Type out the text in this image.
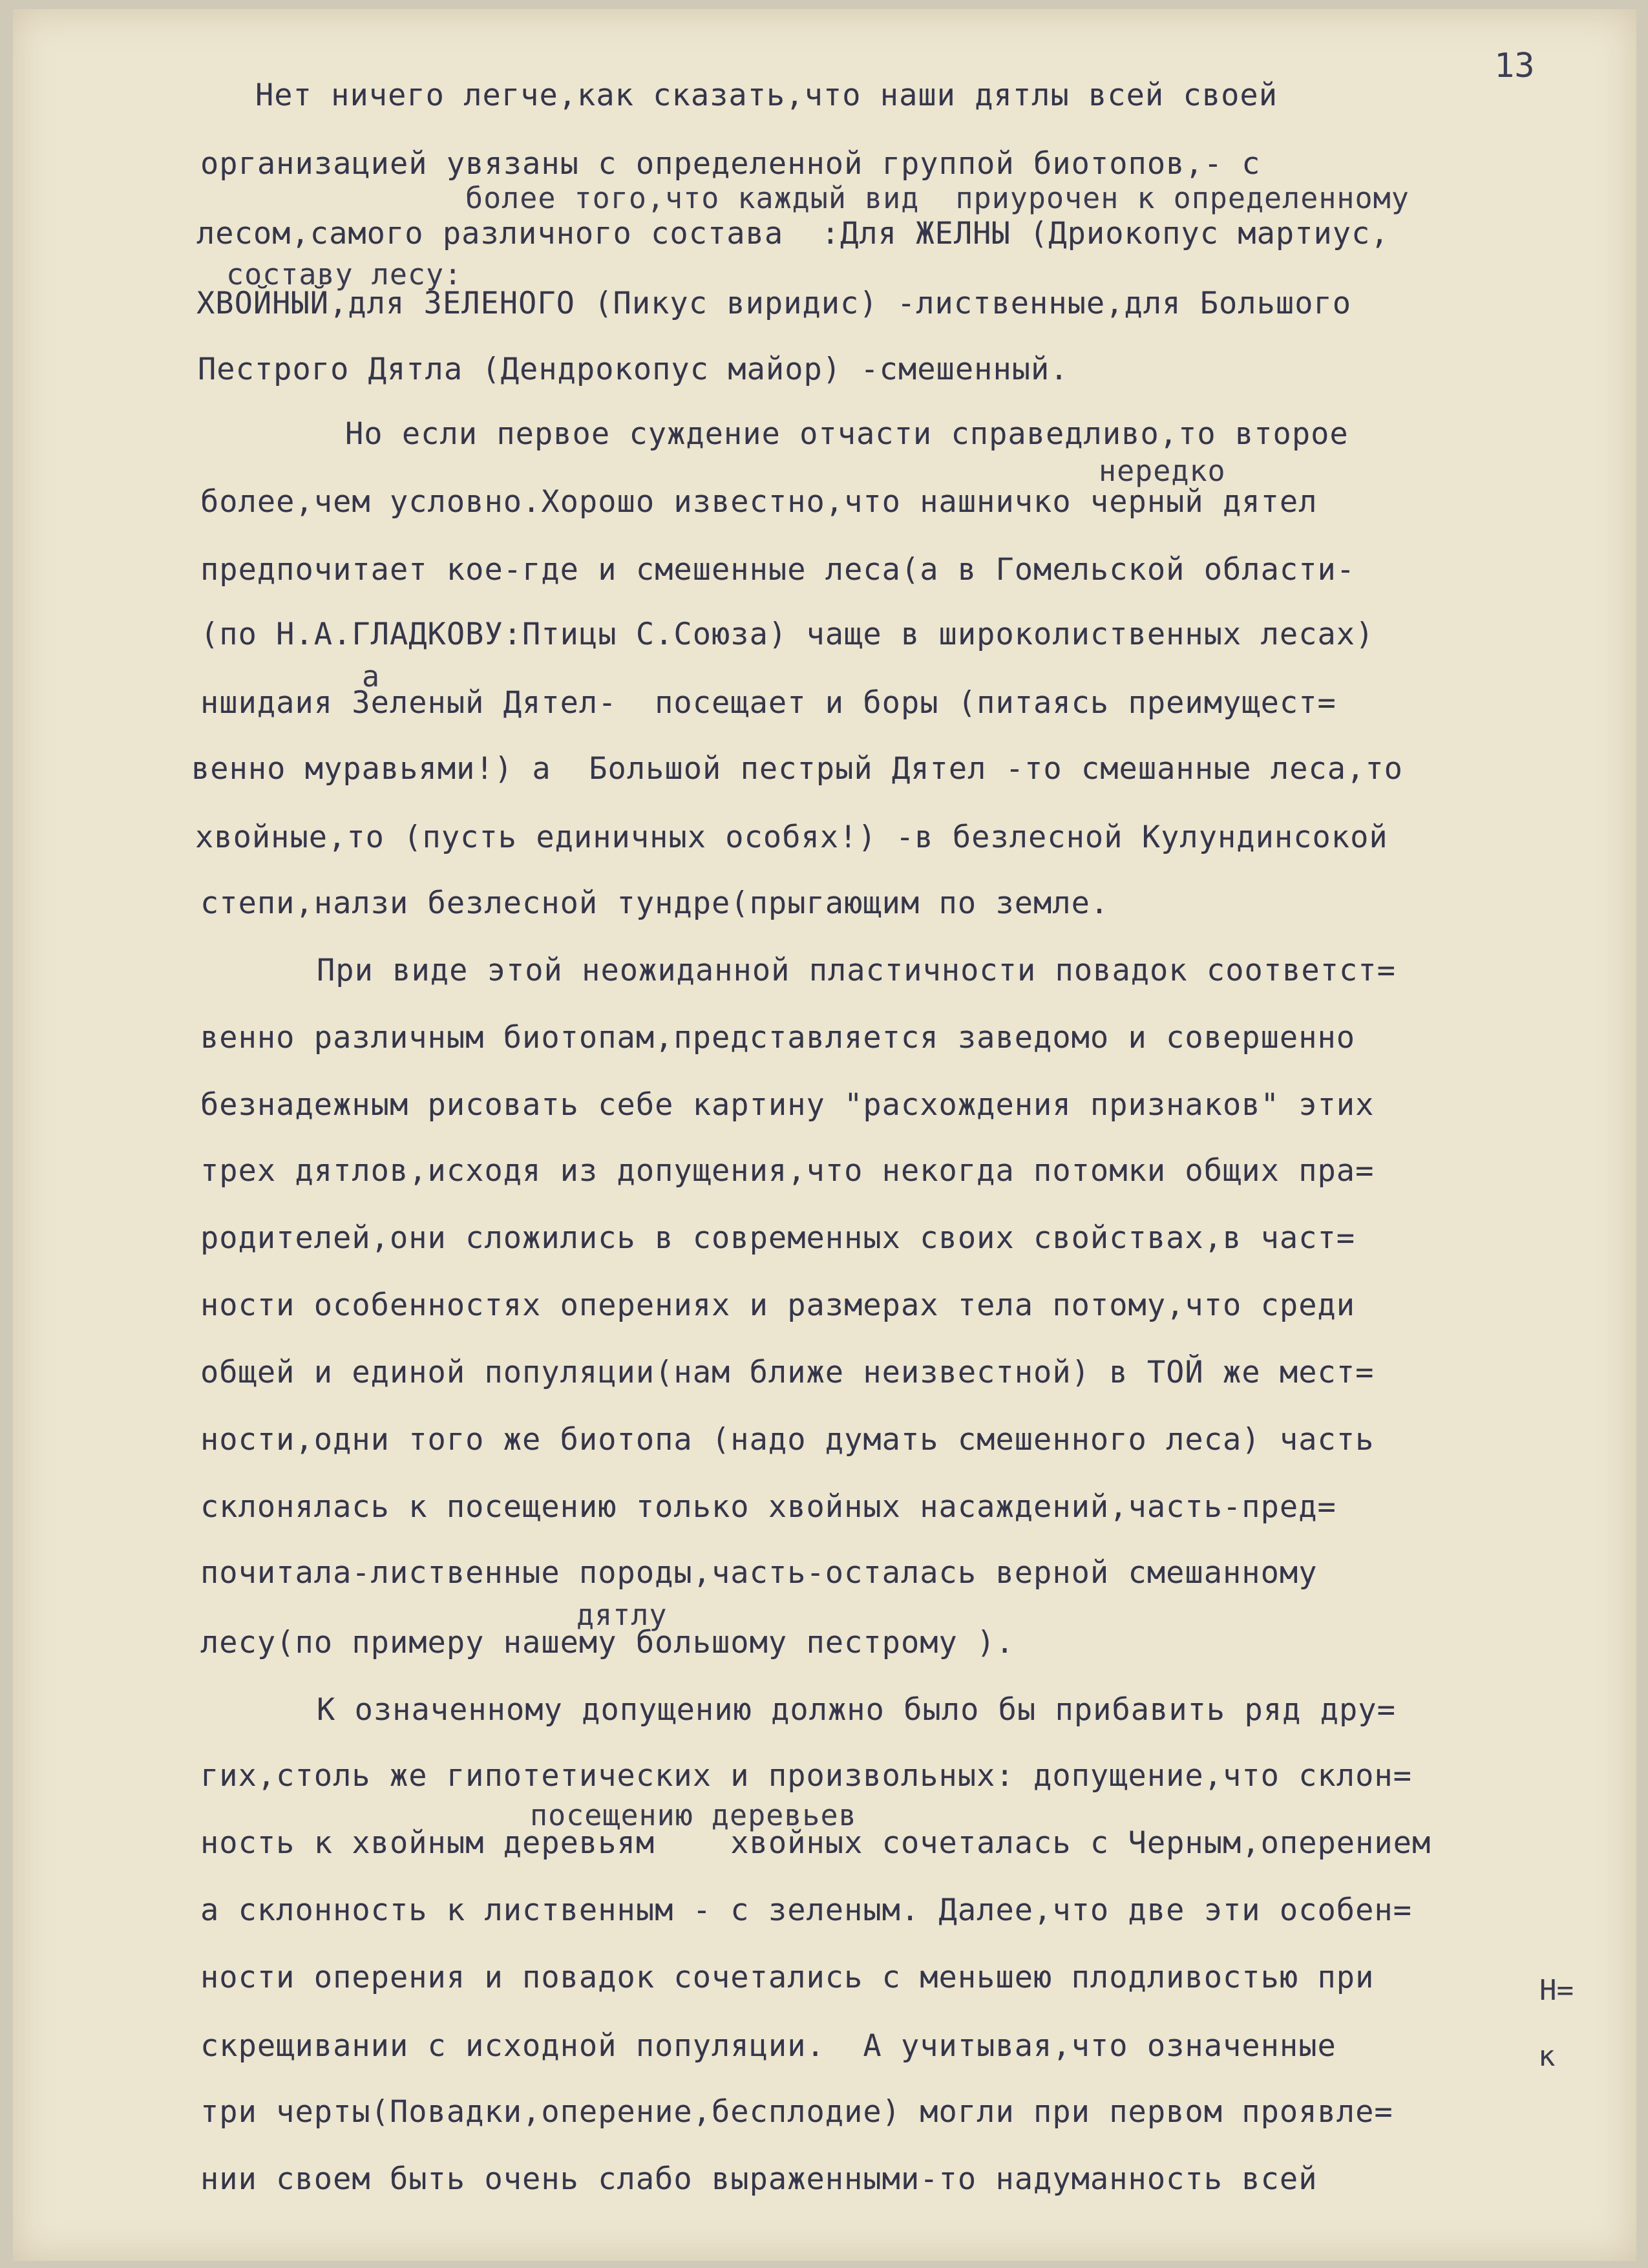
13
Нет ничего легче,как сказать,что наши дятлы всей своей
организацией увязаны с определенной группой биотопов,- с
лесом,самого различного состава  :Для ЖЕЛНЫ (Дриокопус мартиус,
ХВОЙНЫЙ,для ЗЕЛЕНОГО (Пикус виридис) -лиственные,для Большого
Пестрого Дятла (Дендрокопус майор) -смешенный.
Но если первое суждение отчасти справедливо,то второе
более,чем условно.Хорошо известно,что нашничко черный дятел
предпочитает кое-где и смешенные леса(а в Гомельской области-
(по Н.А.ГЛАДКОВУ:Птицы С.Союза) чаще в широколиственных лесах)
ншидаия Зеленый Дятел-  посещает и боры (питаясь преимущест=
венно муравьями!) а  Большой пестрый Дятел -то смешанные леса,то
хвойные,то (пусть единичных особях!) -в безлесной Кулундинсокой
степи,налзи безлесной тундре(прыгающим по земле.
При виде этой неожиданной пластичности повадок соответст=
венно различным биотопам,представляется заведомо и совершенно
безнадежным рисовать себе картину "расхождения признаков" этих
трех дятлов,исходя из допущения,что некогда потомки общих пра=
родителей,они сложились в современных своих свойствах,в част=
ности особенностях оперениях и размерах тела потому,что среди
общей и единой популяции(нам ближе неизвестной) в ТОЙ же мест=
ности,одни того же биотопа (надо думать смешенного леса) часть
склонялась к посещению только хвойных насаждений,часть-пред=
почитала-лиственные породы,часть-осталась верной смешанному
лесу(по примеру нашему большому пестрому ).
К означенному допущению должно было бы прибавить ряд дру=
гих,столь же гипотетических и произвольных: допущение,что склон=
ность к хвойным деревьям    хвойных сочеталась с Черным,оперением
а склонность к лиственным - с зеленым. Далее,что две эти особен=
ности оперения и повадок сочетались с меньшею плодливостью при
скрещивании с исходной популяции.  А учитывая,что означенные
три черты(Повадки,оперение,бесплодие) могли при первом проявле=
нии своем быть очень слабо выраженными-то надуманность всей
более того,что каждый вид  приурочен к определенному
составу лесу:
нередко
а
дятлу
посещению деревьев
Н=
к
